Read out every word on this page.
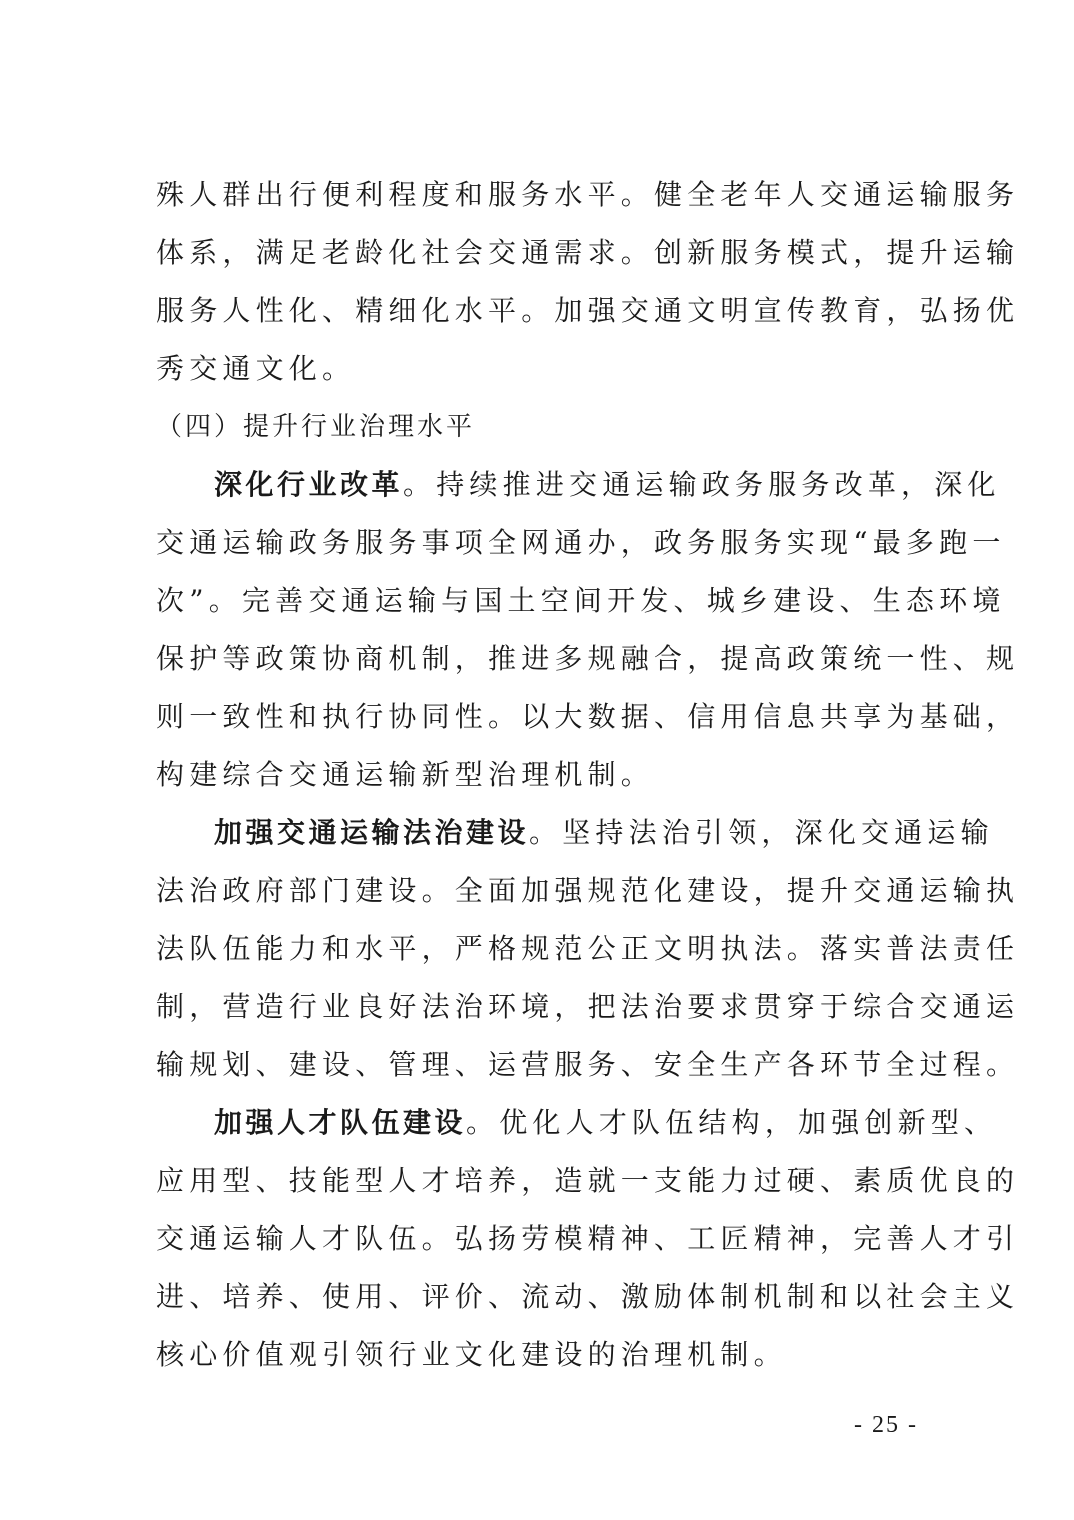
殊人群出行便利程度和服务水平。健全老年人交通运输服务
体系，满足老龄化社会交通需求。创新服务模式，提升运输
服务人性化、精细化水平。加强交通文明宣传教育，弘扬优
秀交通文化。
（四）提升行业治理水平
深化行业改革。持续推进交通运输政务服务改革，深化
交通运输政务服务事项全网通办，政务服务实现“最多跑一
次”。完善交通运输与国土空间开发、城乡建设、生态环境
保护等政策协商机制，推进多规融合，提高政策统一性、规
则一致性和执行协同性。以大数据、信用信息共享为基础，
构建综合交通运输新型治理机制。
加强交通运输法治建设。坚持法治引领，深化交通运输
法治政府部门建设。全面加强规范化建设，提升交通运输执
法队伍能力和水平，严格规范公正文明执法。落实普法责任
制，营造行业良好法治环境，把法治要求贯穿于综合交通运
输规划、建设、管理、运营服务、安全生产各环节全过程。
加强人才队伍建设。优化人才队伍结构，加强创新型、
应用型、技能型人才培养，造就一支能力过硬、素质优良的
交通运输人才队伍。弘扬劳模精神、工匠精神，完善人才引
进、培养、使用、评价、流动、激励体制机制和以社会主义
核心价值观引领行业文化建设的治理机制。
- 25 -
